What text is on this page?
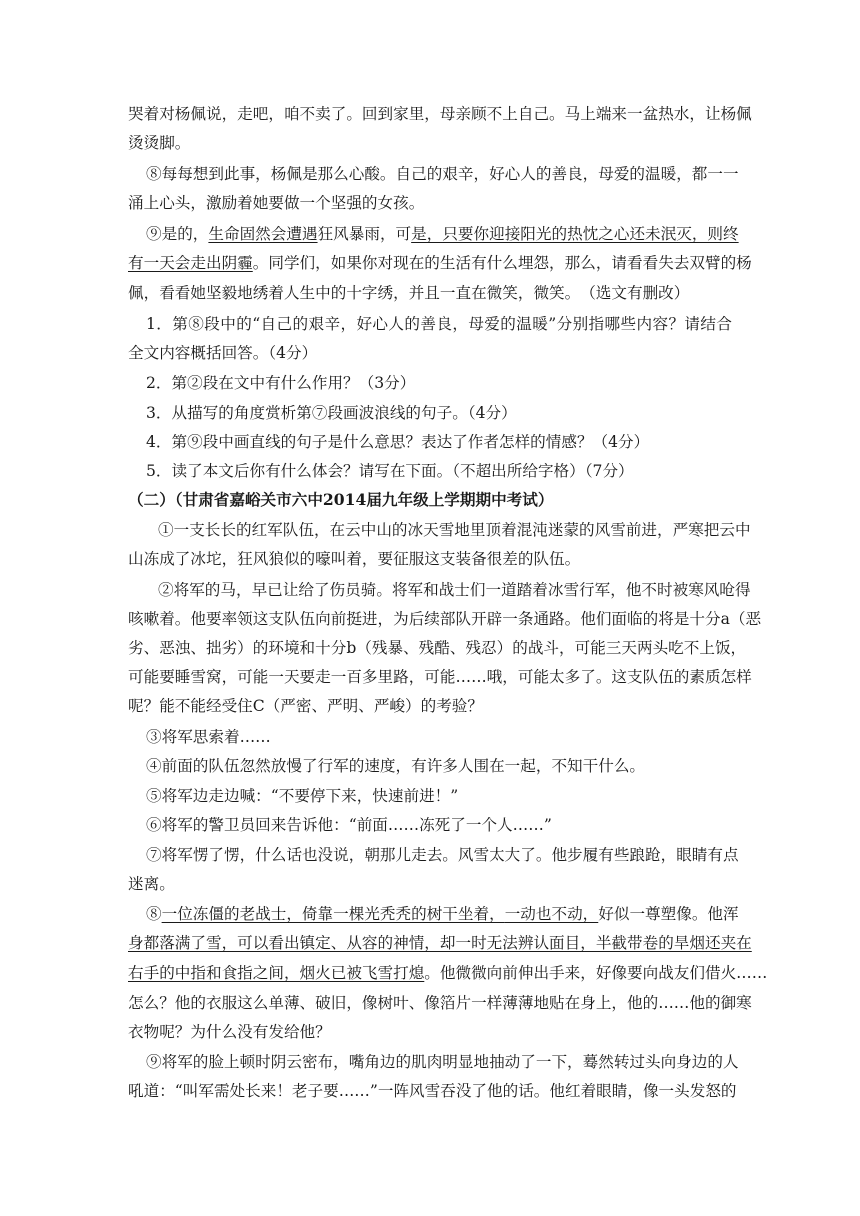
哭着对杨佩说，走吧，咱不卖了。回到家里，母亲顾不上自己。马上端来一盆热水，让杨佩
烫烫脚。
⑧每每想到此事，杨佩是那么心酸。自己的艰辛，好心人的善良，母爱的温暖，都一一
涌上心头，激励着她要做一个坚强的女孩。
⑨是的，生命固然会遭遇狂风暴雨，可是，只要你迎接阳光的热忱之心还未泯灭，则终
有一天会走出阴霾。同学们，如果你对现在的生活有什么埋怨，那么，请看看失去双臂的杨
佩，看看她坚毅地绣着人生中的十字绣，并且一直在微笑，微笑。　（选文有删改）
1．第⑧段中的“自己的艰辛，好心人的善良，母爱的温暖”分别指哪些内容？请结合
全文内容概括回答。（4分）
2．第②段在文中有什么作用？（3分）
3．从描写的角度赏析第⑦段画波浪线的句子。（4分）
4．第⑨段中画直线的句子是什么意思？表达了作者怎样的情感？（4分）
5．读了本文后你有什么体会？请写在下面。（不超出所给字格）（7分）
（二）（甘肃省嘉峪关市六中2014届九年级上学期期中考试）
①一支长长的红军队伍，在云中山的冰天雪地里顶着混沌迷蒙的风雪前进，严寒把云中
山冻成了冰坨，狂风狼似的嚎叫着，要征服这支装备很差的队伍。
②将军的马，早已让给了伤员骑。将军和战士们一道踏着冰雪行军，他不时被寒风呛得
咳嗽着。他要率领这支队伍向前挺进，为后续部队开辟一条通路。他们面临的将是十分a（恶
劣、恶浊、拙劣）的环境和十分b（残暴、残酷、残忍）的战斗，可能三天两头吃不上饭，
可能要睡雪窝，可能一天要走一百多里路，可能……哦，可能太多了。这支队伍的素质怎样
呢？能不能经受住C（严密、严明、严峻）的考验？
③将军思索着……
④前面的队伍忽然放慢了行军的速度，有许多人围在一起，不知干什么。
⑤将军边走边喊：“不要停下来，快速前进！”
⑥将军的警卫员回来告诉他：“前面……冻死了一个人……”
⑦将军愣了愣，什么话也没说，朝那儿走去。风雪太大了。他步履有些踉跄，眼睛有点
迷离。
⑧一位冻僵的老战士，倚靠一棵光秃秃的树干坐着，一动也不动，好似一尊塑像。他浑
身都落满了雪，可以看出镇定、从容的神情，却一时无法辨认面目，半截带卷的旱烟还夹在
右手的中指和食指之间，烟火已被飞雪打熄。他微微向前伸出手来，好像要向战友们借火……
怎么？他的衣服这么单薄、破旧，像树叶、像箔片一样薄薄地贴在身上，他的……他的御寒
衣物呢？为什么没有发给他？
⑨将军的脸上顿时阴云密布，嘴角边的肌肉明显地抽动了一下，蓦然转过头向身边的人
吼道：“叫军需处长来！老子要……”一阵风雪吞没了他的话。他红着眼睛，像一头发怒的
